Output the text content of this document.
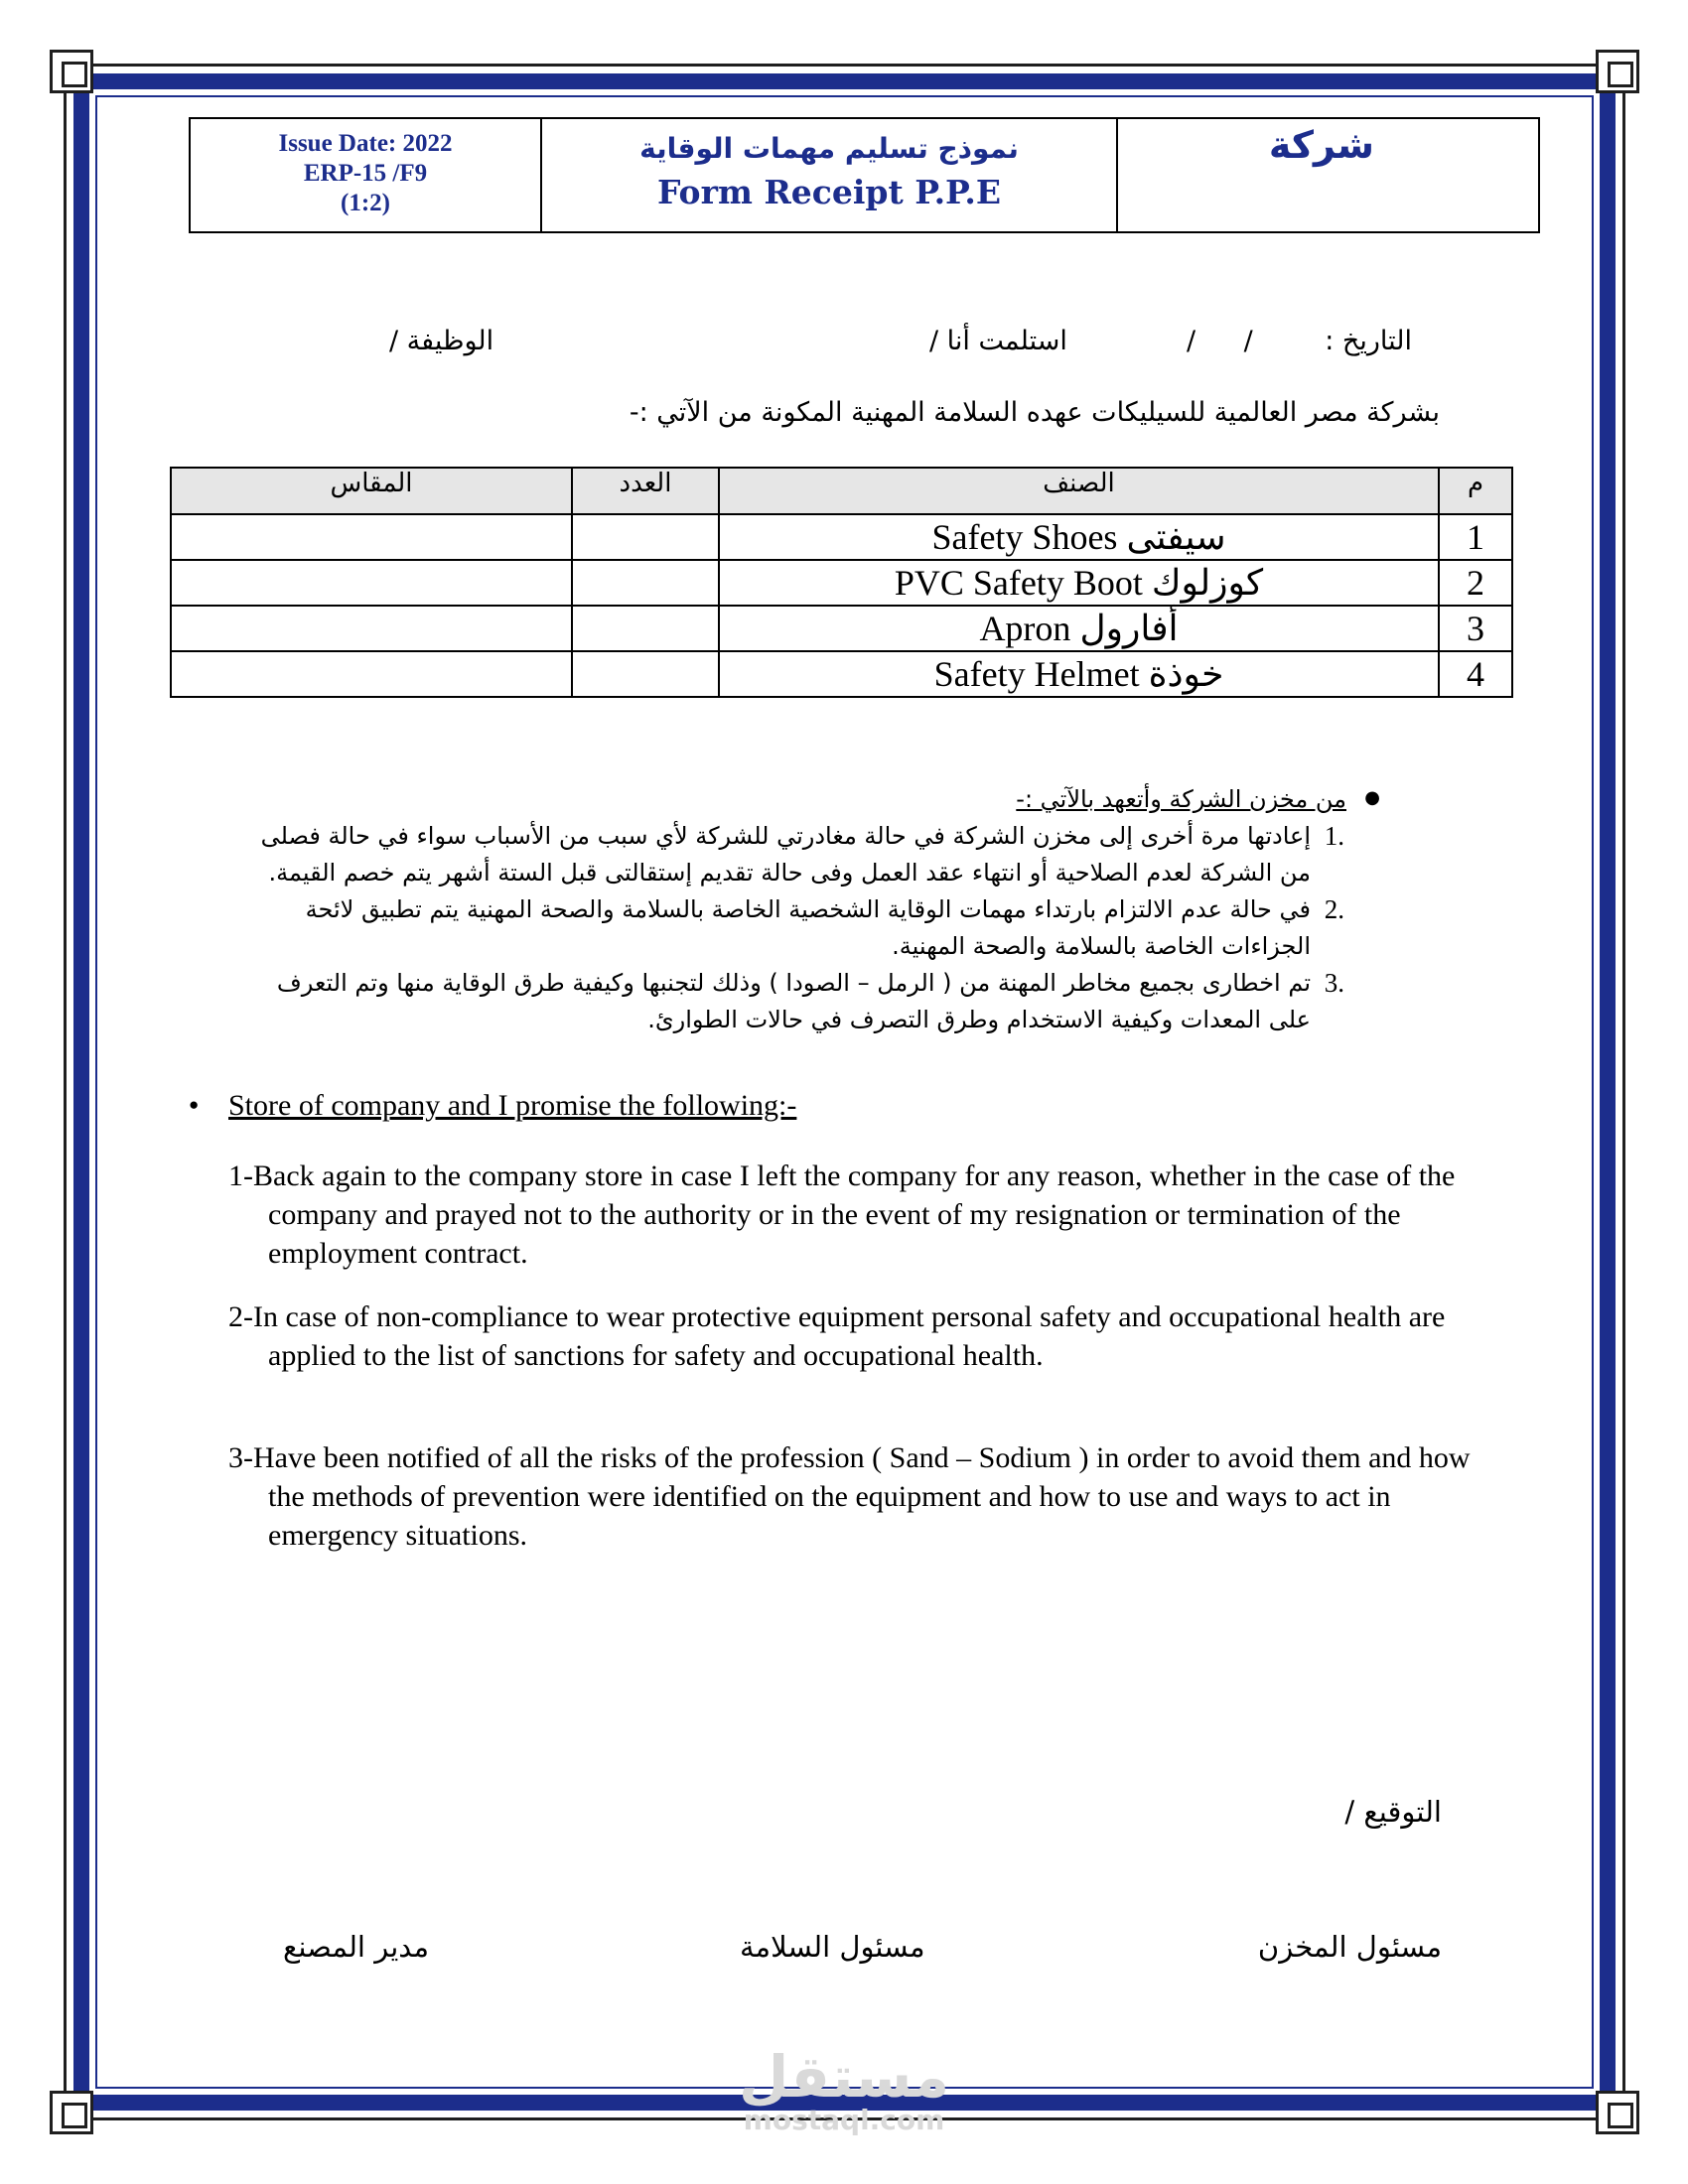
Issue Date: 2022
ERP-15 /F9
(1:2)
نموذج تسليم مهمات الوقاية
Form Receipt P.P.E
شركة
التاريخ :
/ /
استلمت أنا /
الوظيفة /
بشركة مصر العالمية للسيليكات عهده السلامة المهنية المكونة من الآتي :-
المقاس	العدد	الصنف	م
		Safety Shoes سيفتى	1
		PVC Safety Boot كوزلوك	2
		Apron أفارول	3
		Safety Helmet خوذة	4
● من مخزن الشركة وأتعهد بالآتي :-
.1
إعادتها مرة أخرى إلى مخزن الشركة في حالة مغادرتي للشركة لأي سبب من الأسباب سواء في حالة فصلى من الشركة لعدم الصلاحية أو انتهاء عقد العمل وفى حالة تقديم إستقالتى قبل الستة أشهر يتم خصم القيمة.
.2
في حالة عدم الالتزام بارتداء مهمات الوقاية الشخصية الخاصة بالسلامة والصحة المهنية يتم تطبيق لائحة الجزاءات الخاصة بالسلامة والصحة المهنية.
.3
تم اخطارى بجميع مخاطر المهنة من ( الرمل – الصودا ) وذلك لتجنبها وكيفية طرق الوقاية منها وتم التعرف على المعدات وكيفية الاستخدام وطرق التصرف في حالات الطوارئ.
● Store of company and I promise the following:-
1-Back again to the company store in case I left the company for any reason, whether in the case of the company and prayed not to the authority or in the event of my resignation or termination of the employment contract.
2-In case of non-compliance to wear protective equipment personal safety and occupational health are applied to the list of sanctions for safety and occupational health.
3-Have been notified of all the risks of the profession ( Sand – Sodium ) in order to avoid them and how the methods of prevention were identified on the equipment and how to use and ways to act in emergency situations.
التوقيع /
مسئول المخزن
مسئول السلامة
مدير المصنع
مستقل
mostaql.com
